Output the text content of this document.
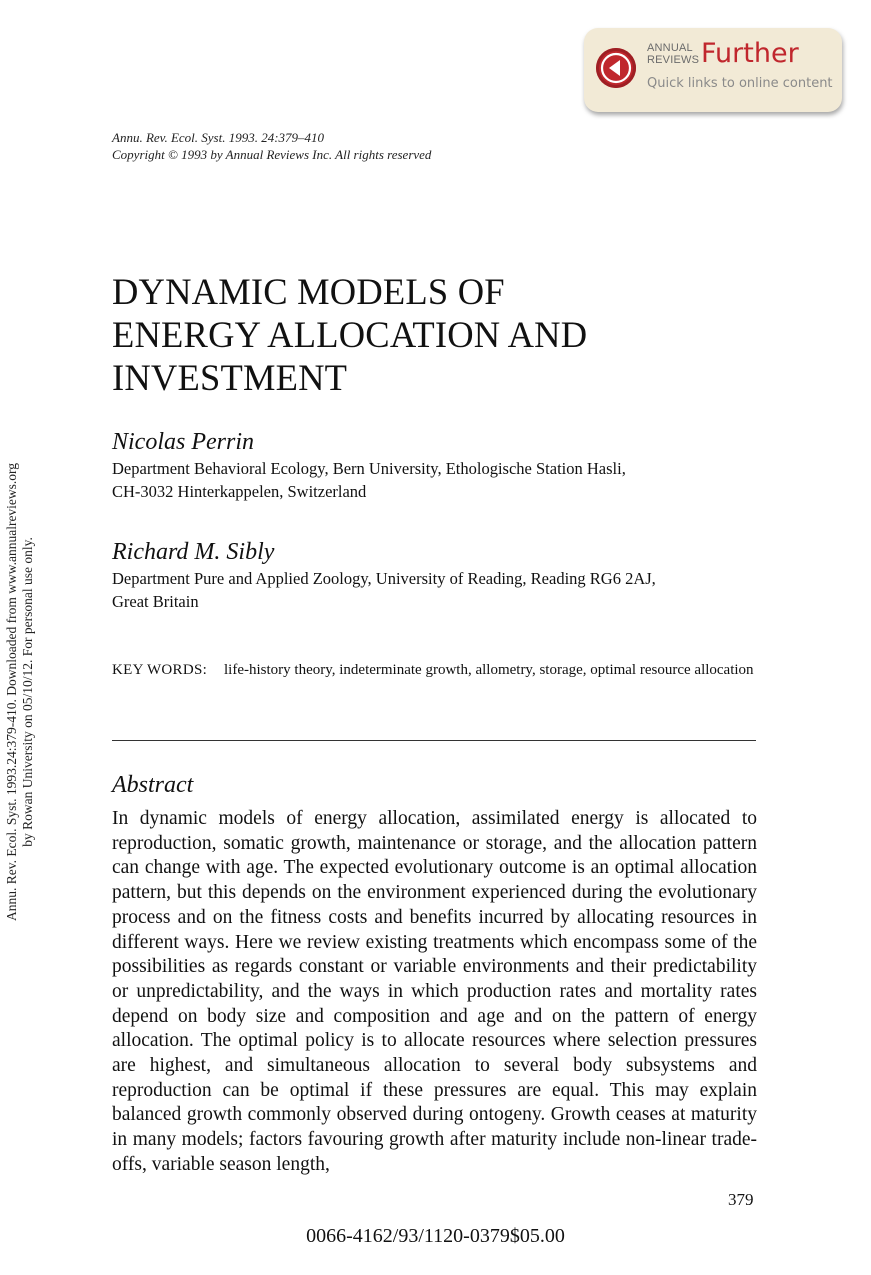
ANNUAL
REVIEWS Further
Quick links to online content
Annu. Rev. Ecol. Syst. 1993.24:379-410. Downloaded from www.annualreviews.org by Rowan University on 05/10/12. For personal use only.
Annu. Rev. Ecol. Syst. 1993. 24:379–410
Copyright © 1993 by Annual Reviews Inc. All rights reserved
DYNAMIC MODELS OF
ENERGY ALLOCATION AND
INVESTMENT

Nicolas Perrin

Department Behavioral Ecology, Bern University, Ethologische Station Hasli,

CH-3032 Hinterkappelen, Switzerland

Richard M. Sibly

Department Pure and Applied Zoology, University of Reading, Reading RG6 2AJ,

Great Britain

KEY WORDS: life-history theory, indeterminate growth, allometry, storage, optimal resource allocation
Abstract

In dynamic models of energy allocation, assimilated energy is allocated to reproduction, somatic growth, maintenance or storage, and the allocation pattern can change with age. The expected evolutionary outcome is an optimal allocation pattern, but this depends on the environment experienced during the evolutionary process and on the fitness costs and benefits incurred by allocating resources in different ways. Here we review existing treatments which encompass some of the possibilities as regards constant or variable environments and their predictability or unpredictability, and the ways in which production rates and mortality rates depend on body size and composition and age and on the pattern of energy allocation. The optimal policy is to allocate resources where selection pressures are highest, and simultaneous allocation to several body subsystems and reproduction can be optimal if these pressures are equal. This may explain balanced growth commonly observed during ontogeny. Growth ceases at maturity in many models; factors favouring growth after maturity include non-linear trade-offs, variable season length,

379
0066-4162/93/1120-0379$05.00
